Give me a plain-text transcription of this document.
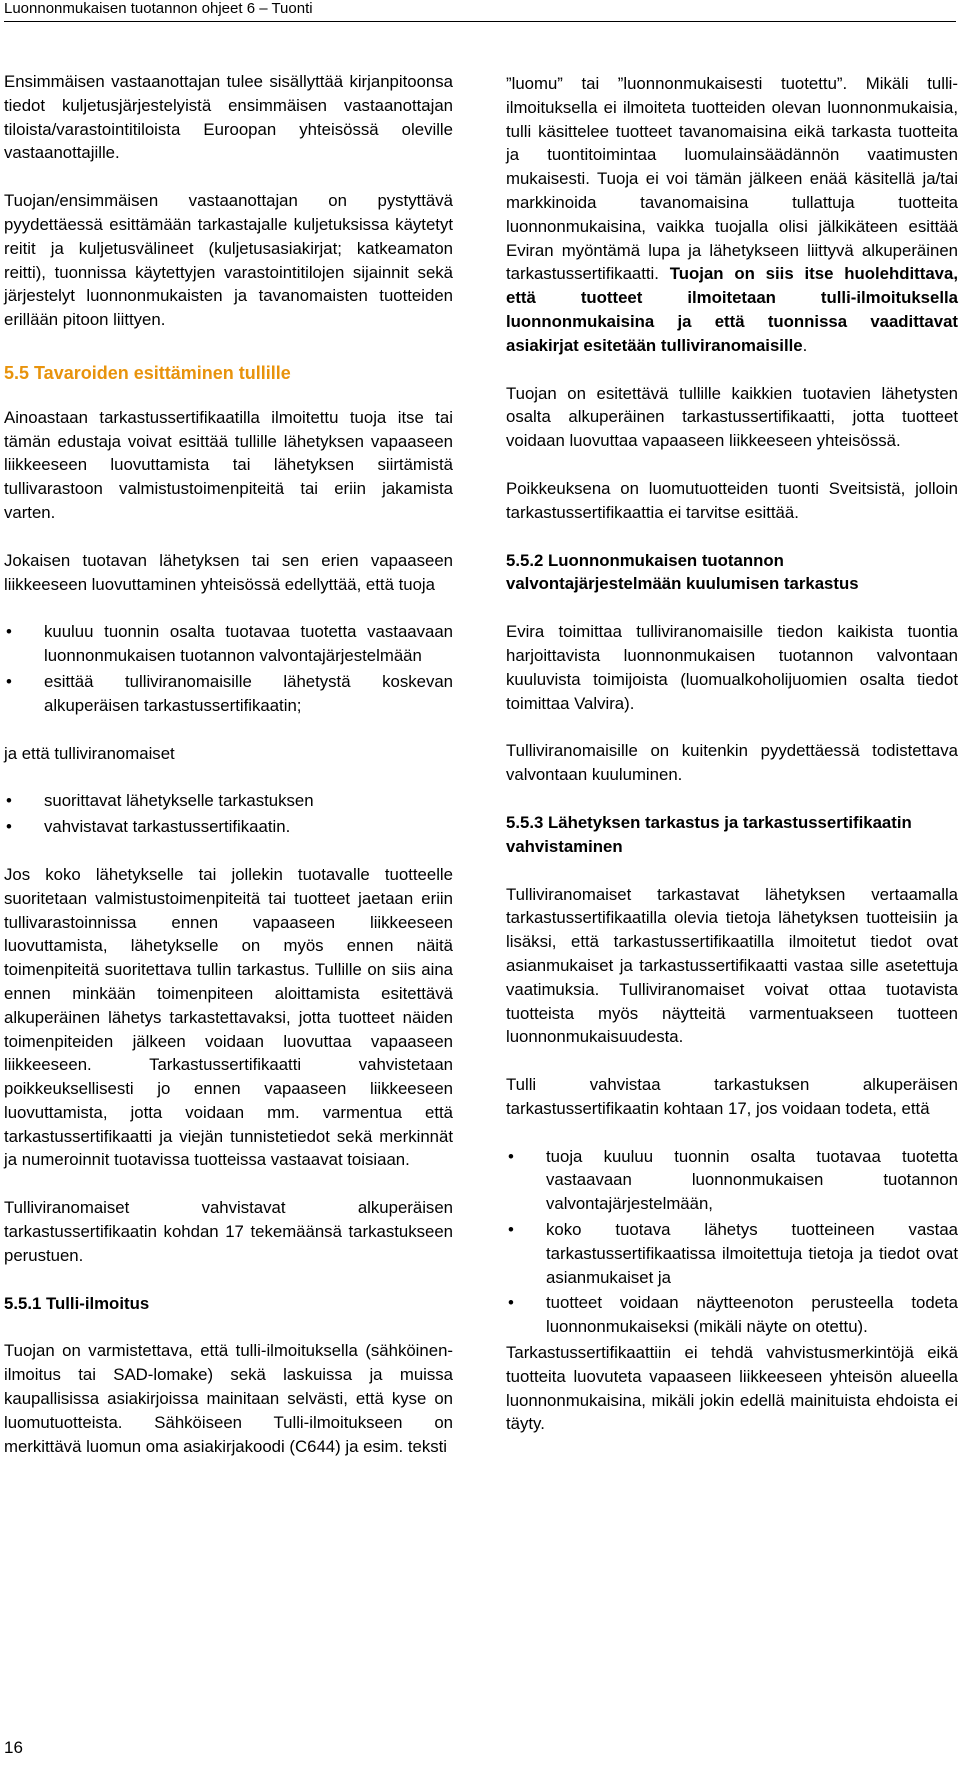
Luonnonmukaisen tuotannon ohjeet 6 – Tuonti

Ensimmäisen vastaanottajan tulee sisällyttää kirjanpitoonsa tiedot kuljetusjärjestelyistä ensimmäisen vastaanottajan tiloista/varastointitiloista Euroopan yhteisössä oleville vastaanottajille.

Tuojan/ensimmäisen vastaanottajan on pystyttävä pyydettäessä esittämään tarkastajalle kuljetuksissa käytetyt reitit ja kuljetusvälineet (kuljetusasiakirjat; katkeamaton reitti), tuonnissa käytettyjen varastointitilojen sijainnit sekä järjestelyt luonnonmukaisten ja tavanomaisten tuotteiden erillään pitoon liittyen.

5.5 Tavaroiden esittäminen tullille

Ainoastaan tarkastussertifikaatilla ilmoitettu tuoja itse tai tämän edustaja voivat esittää tullille lähetyksen vapaaseen liikkeeseen luovuttamista tai lähetyksen siirtämistä tullivarastoon valmistustoimenpiteitä tai eriin jakamista varten.

Jokaisen tuotavan lähetyksen tai sen erien vapaaseen liikkeeseen luovuttaminen yhteisössä edellyttää, että tuoja

• kuuluu tuonnin osalta tuotavaa tuotetta vastaavaan luonnonmukaisen tuotannon valvontajärjestelmään
• esittää tulliviranomaisille lähetystä koskevan alkuperäisen tarkastussertifikaatin;

ja että tulliviranomaiset

• suorittavat lähetykselle tarkastuksen
• vahvistavat tarkastussertifikaatin.

Jos koko lähetykselle tai jollekin tuotavalle tuotteelle suoritetaan valmistustoimenpiteitä tai tuotteet jaetaan eriin tullivarastoinnissa ennen vapaaseen liikkeeseen luovuttamista, lähetykselle on myös ennen näitä toimenpiteitä suoritettava tullin tarkastus. Tullille on siis aina ennen minkään toimenpiteen aloittamista esitettävä alkuperäinen lähetys tarkastettavaksi, jotta tuotteet näiden toimenpiteiden jälkeen voidaan luovuttaa vapaaseen liikkeeseen. Tarkastussertifikaatti vahvistetaan poikkeuksellisesti jo ennen vapaaseen liikkeeseen luovuttamista, jotta voidaan mm. varmentua että tarkastussertifikaatti ja viejän tunnistetiedot sekä merkinnät ja numeroinnit tuotavissa tuotteissa vastaavat toisiaan.

Tulliviranomaiset vahvistavat alkuperäisen tarkastussertifikaatin kohdan 17 tekemäänsä tarkastukseen perustuen.

5.5.1 Tulli-ilmoitus

Tuojan on varmistettava, että tulli-ilmoituksella (sähköinen-ilmoitus tai SAD-lomake) sekä laskuissa ja muissa kaupallisissa asiakirjoissa mainitaan selvästi, että kyse on luomutuotteista. Sähköiseen Tulli-ilmoitukseen on merkittävä luomun oma asiakirjakoodi (C644) ja esim. teksti

”luomu” tai ”luonnonmukaisesti tuotettu”. Mikäli tulli-ilmoituksella ei ilmoiteta tuotteiden olevan luonnonmukaisia, tulli käsittelee tuotteet tavanomaisina eikä tarkasta tuotteita ja tuontitoimintaa luomulainsäädännön vaatimusten mukaisesti. Tuoja ei voi tämän jälkeen enää käsitellä ja/tai markkinoida tavanomaisina tullattuja tuotteita luonnonmukaisina, vaikka tuojalla olisi jälkikäteen esittää Eviran myöntämä lupa ja lähetykseen liittyvä alkuperäinen tarkastussertifikaatti. Tuojan on siis itse huolehdittava, että tuotteet ilmoitetaan tulli-ilmoituksella luonnonmukaisina ja että tuonnissa vaadittavat asiakirjat esitetään tulliviranomaisille.

Tuojan on esitettävä tullille kaikkien tuotavien lähetysten osalta alkuperäinen tarkastussertifikaatti, jotta tuotteet voidaan luovuttaa vapaaseen liikkeeseen yhteisössä.

Poikkeuksena on luomutuotteiden tuonti Sveitsistä, jolloin tarkastussertifikaattia ei tarvitse esittää.

5.5.2 Luonnonmukaisen tuotannon valvontajärjestelmään kuulumisen tarkastus

Evira toimittaa tulliviranomaisille tiedon kaikista tuontia harjoittavista luonnonmukaisen tuotannon valvontaan kuuluvista toimijoista (luomualkoholijuomien osalta tiedot toimittaa Valvira).

Tulliviranomaisille on kuitenkin pyydettäessä todistettava valvontaan kuuluminen.

5.5.3 Lähetyksen tarkastus ja tarkastussertifikaatin vahvistaminen

Tulliviranomaiset tarkastavat lähetyksen vertaamalla tarkastussertifikaatilla olevia tietoja lähetyksen tuotteisiin ja lisäksi, että tarkastussertifikaatilla ilmoitetut tiedot ovat asianmukaiset ja tarkastussertifikaatti vastaa sille asetettuja vaatimuksia. Tulliviranomaiset voivat ottaa tuotavista tuotteista myös näytteitä varmentuakseen tuotteen luonnonmukaisuudesta.

Tulli vahvistaa tarkastuksen alkuperäisen tarkastussertifikaatin kohtaan 17, jos voidaan todeta, että

• tuoja kuuluu tuonnin osalta tuotavaa tuotetta vastaavaan luonnonmukaisen tuotannon valvontajärjestelmään,
• koko tuotava lähetys tuotteineen vastaa tarkastussertifikaatissa ilmoitettuja tietoja ja tiedot ovat asianmukaiset ja
• tuotteet voidaan näytteenoton perusteella todeta luonnonmukaiseksi (mikäli näyte on otettu).

Tarkastussertifikaattiin ei tehdä vahvistusmerkintöjä eikä tuotteita luovuteta vapaaseen liikkeeseen yhteisön alueella luonnonmukaisina, mikäli jokin edellä mainituista ehdoista ei täyty.

16
